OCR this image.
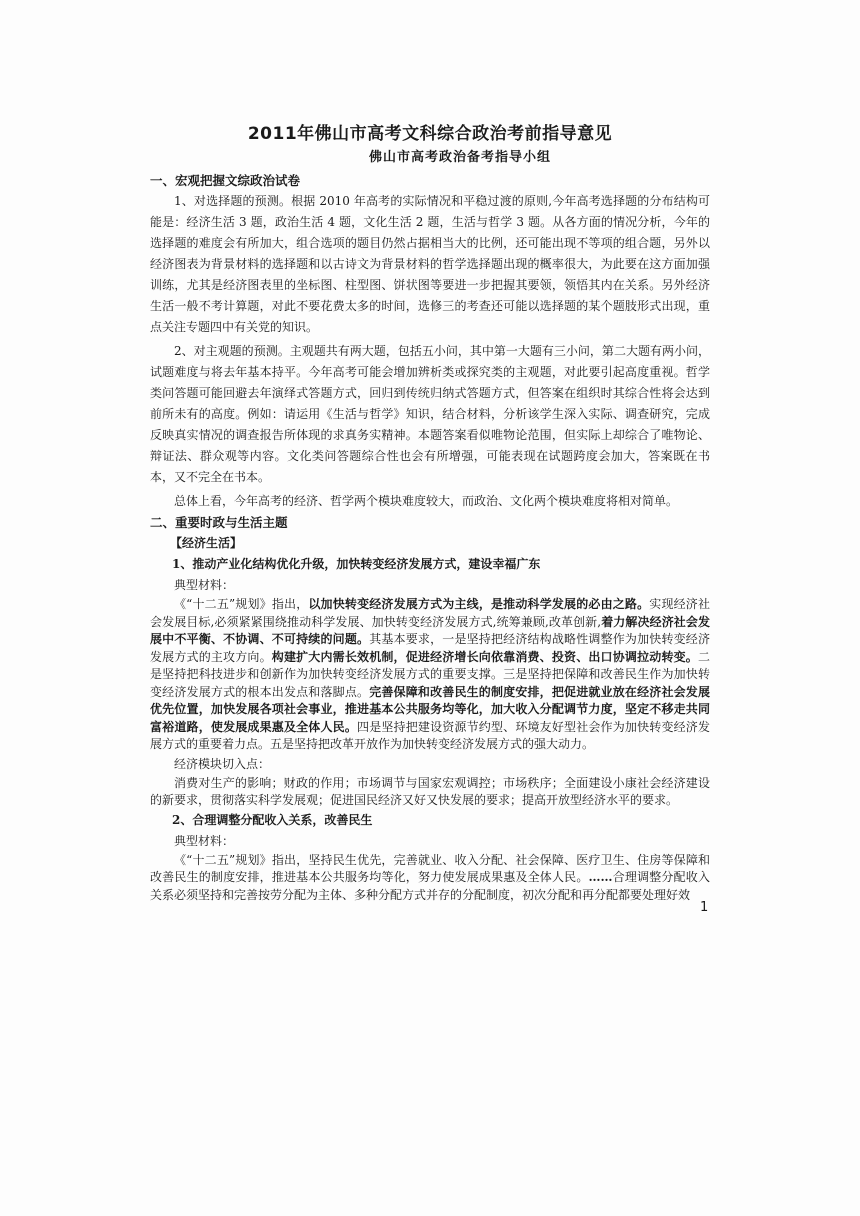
2011年佛山市高考文科综合政治考前指导意见
佛山市高考政治备考指导小组
一、宏观把握文综政治试卷

1、对选择题的预测。根据 2010 年高考的实际情况和平稳过渡的原则,今年高考选择题的分布结构可能是：经济生活 3 题，政治生活 4 题，文化生活 2 题，生活与哲学 3 题。从各方面的情况分析，今年的选择题的难度会有所加大，组合选项的题目仍然占据相当大的比例，还可能出现不等项的组合题，另外以经济图表为背景材料的选择题和以古诗文为背景材料的哲学选择题出现的概率很大，为此要在这方面加强训练，尤其是经济图表里的坐标图、柱型图、饼状图等要进一步把握其要领，领悟其内在关系。另外经济生活一般不考计算题，对此不要花费太多的时间，选修三的考查还可能以选择题的某个题肢形式出现，重点关注专题四中有关党的知识。

2、对主观题的预测。主观题共有两大题，包括五小问，其中第一大题有三小问，第二大题有两小问，试题难度与将去年基本持平。今年高考可能会增加辨析类或探究类的主观题，对此要引起高度重视。哲学类问答题可能回避去年演绎式答题方式，回归到传统归纳式答题方式，但答案在组织时其综合性将会达到前所未有的高度。例如：请运用《生活与哲学》知识，结合材料，分析该学生深入实际、调查研究，完成反映真实情况的调查报告所体现的求真务实精神。本题答案看似唯物论范围，但实际上却综合了唯物论、辩证法、群众观等内容。文化类问答题综合性也会有所增强，可能表现在试题跨度会加大，答案既在书本，又不完全在书本。

总体上看，今年高考的经济、哲学两个模块难度较大，而政治、文化两个模块难度将相对简单。

二、重要时政与生活主题
【经济生活】
1、推动产业化结构优化升级，加快转变经济发展方式，建设幸福广东
典型材料：

《“十二五”规划》指出，以加快转变经济发展方式为主线，是推动科学发展的必由之路。实现经济社会发展目标,必须紧紧围绕推动科学发展、加快转变经济发展方式,统筹兼顾,改革创新,着力解决经济社会发展中不平衡、不协调、不可持续的问题。其基本要求，一是坚持把经济结构战略性调整作为加快转变经济发展方式的主攻方向。构建扩大内需长效机制，促进经济增长向依靠消费、投资、出口协调拉动转变。二是坚持把科技进步和创新作为加快转变经济发展方式的重要支撑。三是坚持把保障和改善民生作为加快转变经济发展方式的根本出发点和落脚点。完善保障和改善民生的制度安排，把促进就业放在经济社会发展优先位置，加快发展各项社会事业，推进基本公共服务均等化，加大收入分配调节力度，坚定不移走共同富裕道路，使发展成果惠及全体人民。四是坚持把建设资源节约型、环境友好型社会作为加快转变经济发展方式的重要着力点。五是坚持把改革开放作为加快转变经济发展方式的强大动力。

经济模块切入点：

消费对生产的影响；财政的作用；市场调节与国家宏观调控；市场秩序；全面建设小康社会经济建设的新要求，贯彻落实科学发展观；促进国民经济又好又快发展的要求；提高开放型经济水平的要求。

2、合理调整分配收入关系，改善民生
典型材料：

《“十二五”规划》指出，坚持民生优先，完善就业、收入分配、社会保障、医疗卫生、住房等保障和改善民生的制度安排，推进基本公共服务均等化，努力使发展成果惠及全体人民。……合理调整分配收入关系必须坚持和完善按劳分配为主体、多种分配方式并存的分配制度，初次分配和再分配都要处理好效

1
